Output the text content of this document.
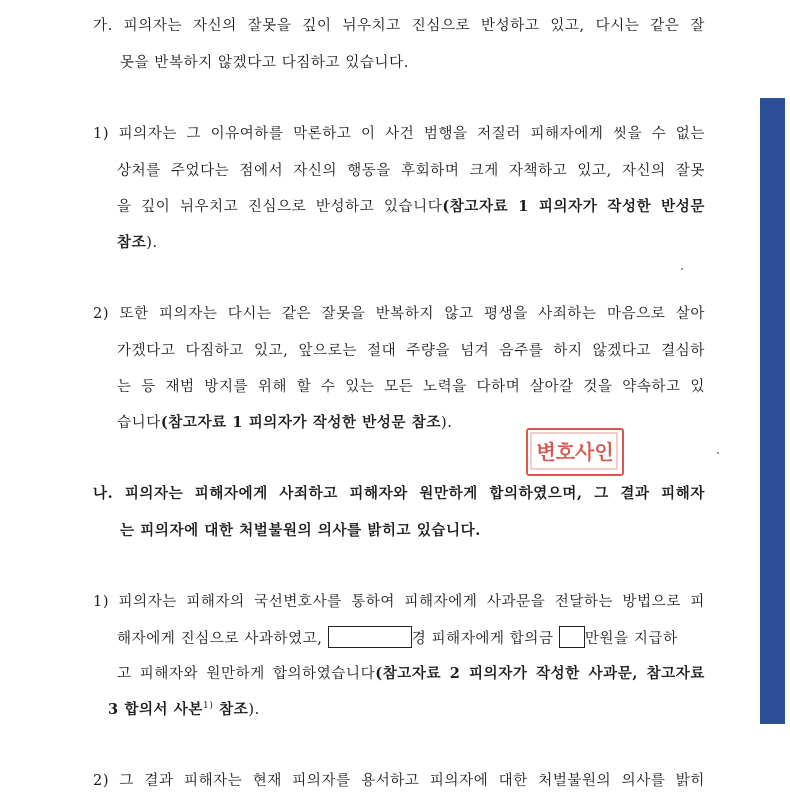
가. 피의자는 자신의 잘못을 깊이 뉘우치고 진심으로 반성하고 있고, 다시는 같은 잘
못을 반복하지 않겠다고 다짐하고 있습니다.
1) 피의자는 그 이유여하를 막론하고 이 사건 범행을 저질러 피해자에게 씻을 수 없는
상처를 주었다는 점에서 자신의 행동을 후회하며 크게 자책하고 있고, 자신의 잘못
을 깊이 뉘우치고 진심으로 반성하고 있습니다(참고자료 1 피의자가 작성한 반성문
참조).
2) 또한 피의자는 다시는 같은 잘못을 반복하지 않고 평생을 사죄하는 마음으로 살아
가겠다고 다짐하고 있고, 앞으로는 절대 주량을 넘겨 음주를 하지 않겠다고 결심하
는 등 재범 방지를 위해 할 수 있는 모든 노력을 다하며 살아갈 것을 약속하고 있
습니다(참고자료 1 피의자가 작성한 반성문 참조).
변호사인
나. 피의자는 피해자에게 사죄하고 피해자와 원만하게 합의하였으며, 그 결과 피해자
는 피의자에 대한 처벌불원의 의사를 밝히고 있습니다.
1) 피의자는 피해자의 국선변호사를 통하여 피해자에게 사과문을 전달하는 방법으로 피
해자에게 진심으로 사과하였고,	경 피해자에게 합의금 만원을 지급하
고 피해자와 원만하게 합의하였습니다(참고자료 2 피의자가 작성한 사과문, 참고자료
3 합의서 사본$^{1)}$ 참조).
2) 그 결과 피해자는 현재 피의자를 용서하고 피의자에 대한 처벌불원의 의사를 밝히
